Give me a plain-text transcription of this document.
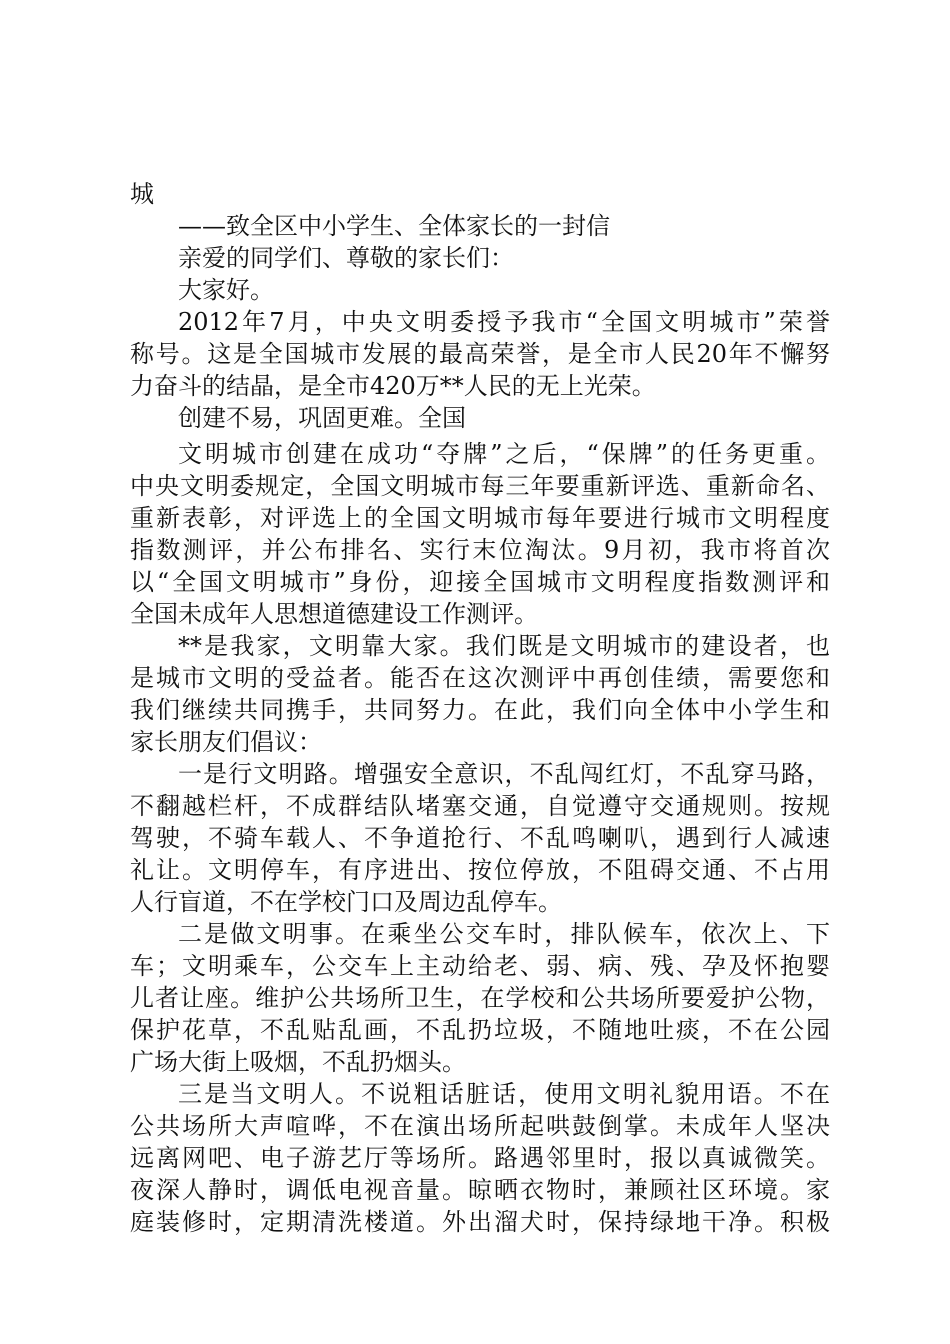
城
——致全区中小学生、全体家长的一封信
亲爱的同学们、尊敬的家长们：
大家好。
2012年7月，中央文明委授予我市“全国文明城市”荣誉
称号。这是全国城市发展的最高荣誉，是全市人民20年不懈努
力奋斗的结晶，是全市420万**人民的无上光荣。
创建不易，巩固更难。全国
文明城市创建在成功“夺牌”之后，“保牌”的任务更重。
中央文明委规定，全国文明城市每三年要重新评选、重新命名、
重新表彰，对评选上的全国文明城市每年要进行城市文明程度
指数测评，并公布排名、实行末位淘汰。9月初，我市将首次
以“全国文明城市”身份，迎接全国城市文明程度指数测评和
全国未成年人思想道德建设工作测评。
**是我家，文明靠大家。我们既是文明城市的建设者，也
是城市文明的受益者。能否在这次测评中再创佳绩，需要您和
我们继续共同携手，共同努力。在此，我们向全体中小学生和
家长朋友们倡议：
一是行文明路。增强安全意识，不乱闯红灯，不乱穿马路，
不翻越栏杆，不成群结队堵塞交通，自觉遵守交通规则。按规
驾驶，不骑车载人、不争道抢行、不乱鸣喇叭，遇到行人减速
礼让。文明停车，有序进出、按位停放，不阻碍交通、不占用
人行盲道，不在学校门口及周边乱停车。
二是做文明事。在乘坐公交车时，排队候车，依次上、下
车；文明乘车，公交车上主动给老、弱、病、残、孕及怀抱婴
儿者让座。维护公共场所卫生，在学校和公共场所要爱护公物，
保护花草，不乱贴乱画，不乱扔垃圾，不随地吐痰，不在公园
广场大街上吸烟，不乱扔烟头。
三是当文明人。不说粗话脏话，使用文明礼貌用语。不在
公共场所大声喧哗，不在演出场所起哄鼓倒掌。未成年人坚决
远离网吧、电子游艺厅等场所。路遇邻里时，报以真诚微笑。
夜深人静时，调低电视音量。晾晒衣物时，兼顾社区环境。家
庭装修时，定期清洗楼道。外出溜犬时，保持绿地干净。积极
